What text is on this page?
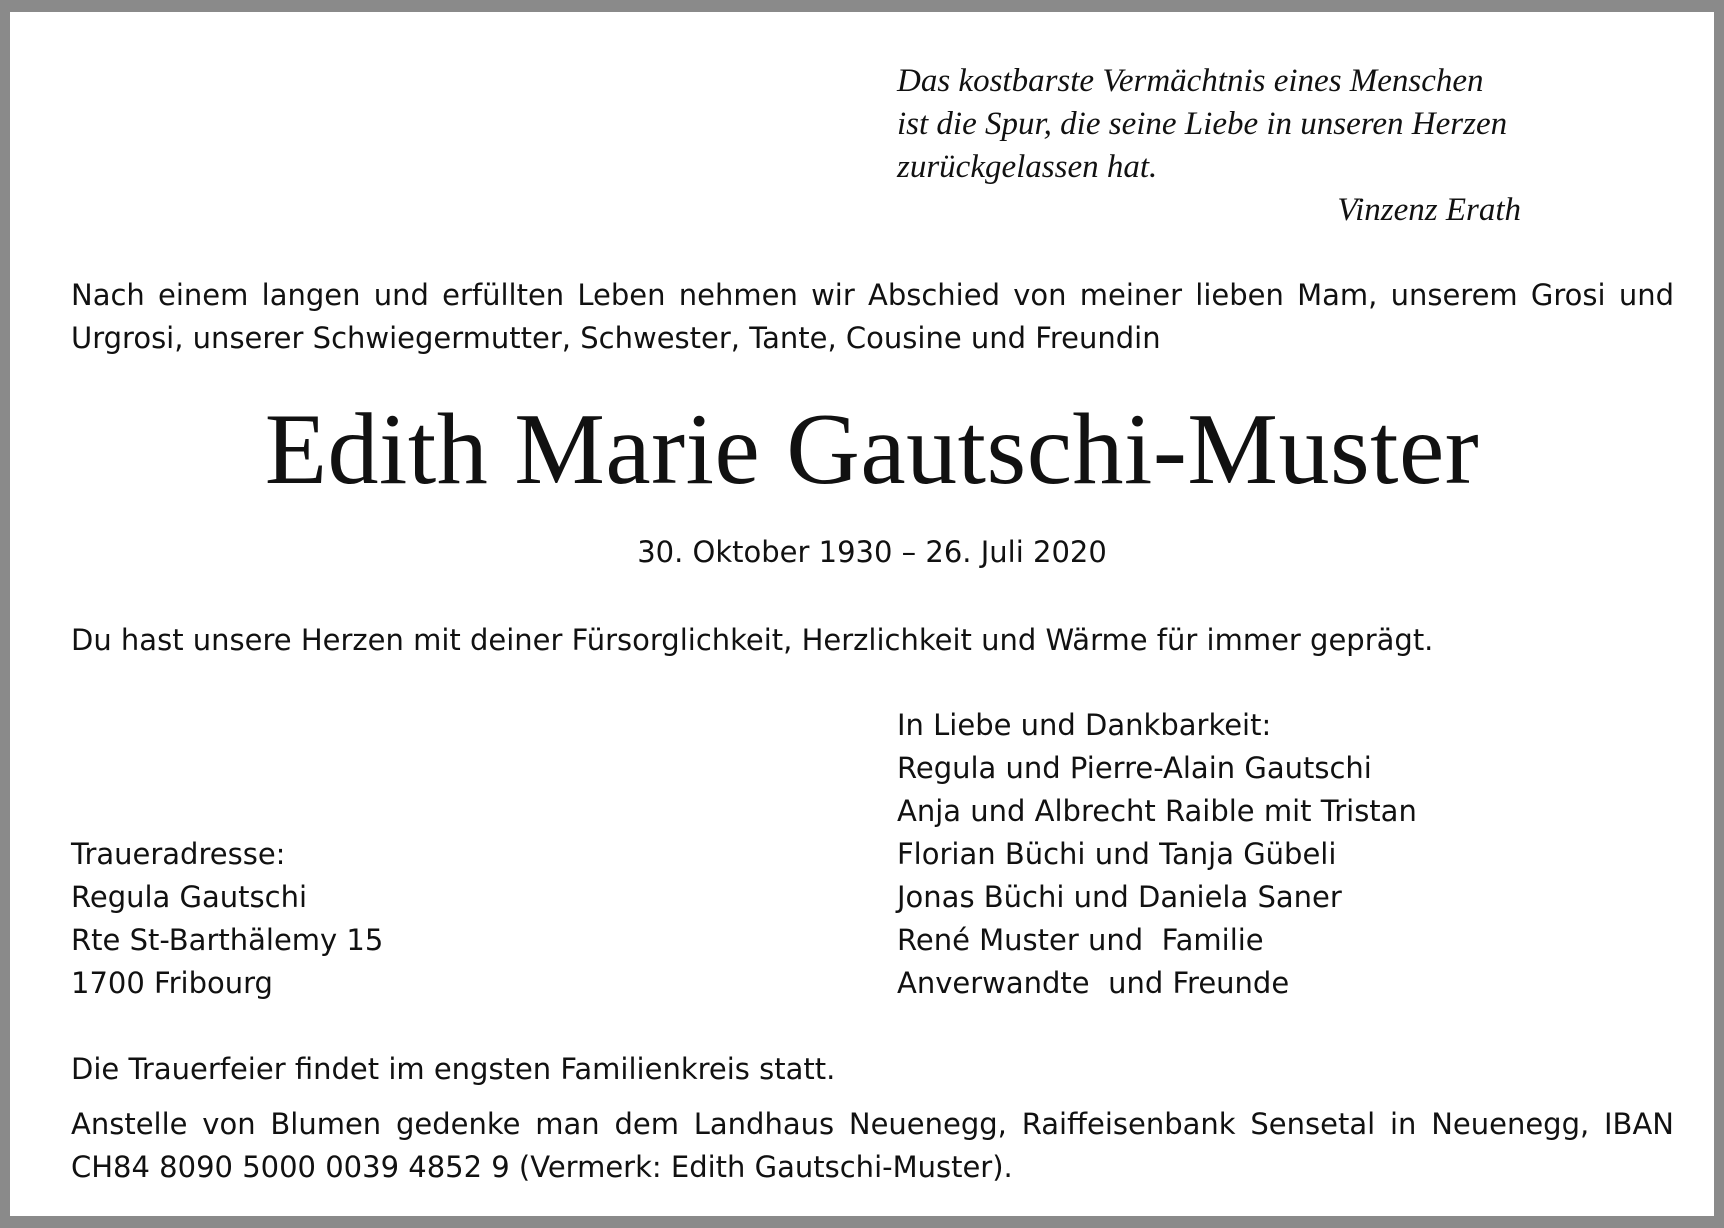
Das kostbarste Vermächtnis eines Menschen
ist die Spur, die seine Liebe in unseren Herzen
zurückgelassen hat.
Vinzenz Erath
Nach einem langen und erfüllten Leben nehmen wir Abschied von meiner lieben Mam, unserem Grosi und Urgrosi, unserer Schwiegermutter, Schwester, Tante, Cousine und Freundin
Edith Marie Gautschi-Muster
30. Oktober 1930 – 26. Juli 2020
Du hast unsere Herzen mit deiner Fürsorglichkeit, Herzlichkeit und Wärme für immer geprägt.
In Liebe und Dankbarkeit:
Regula und Pierre-Alain Gautschi
Anja und Albrecht Raible mit Tristan
Florian Büchi und Tanja Gübeli
Jonas Büchi und Daniela Saner
René Muster und  Familie
Anverwandte  und Freunde
Traueradresse:
Regula Gautschi
Rte St-Barthälemy 15
1700 Fribourg
Die Trauerfeier findet im engsten Familienkreis statt.
Anstelle von Blumen gedenke man dem Landhaus Neuenegg, Raiffeisenbank Sensetal in Neuenegg, IBAN CH84 8090 5000 0039 4852 9 (Vermerk: Edith Gautschi-Muster).
